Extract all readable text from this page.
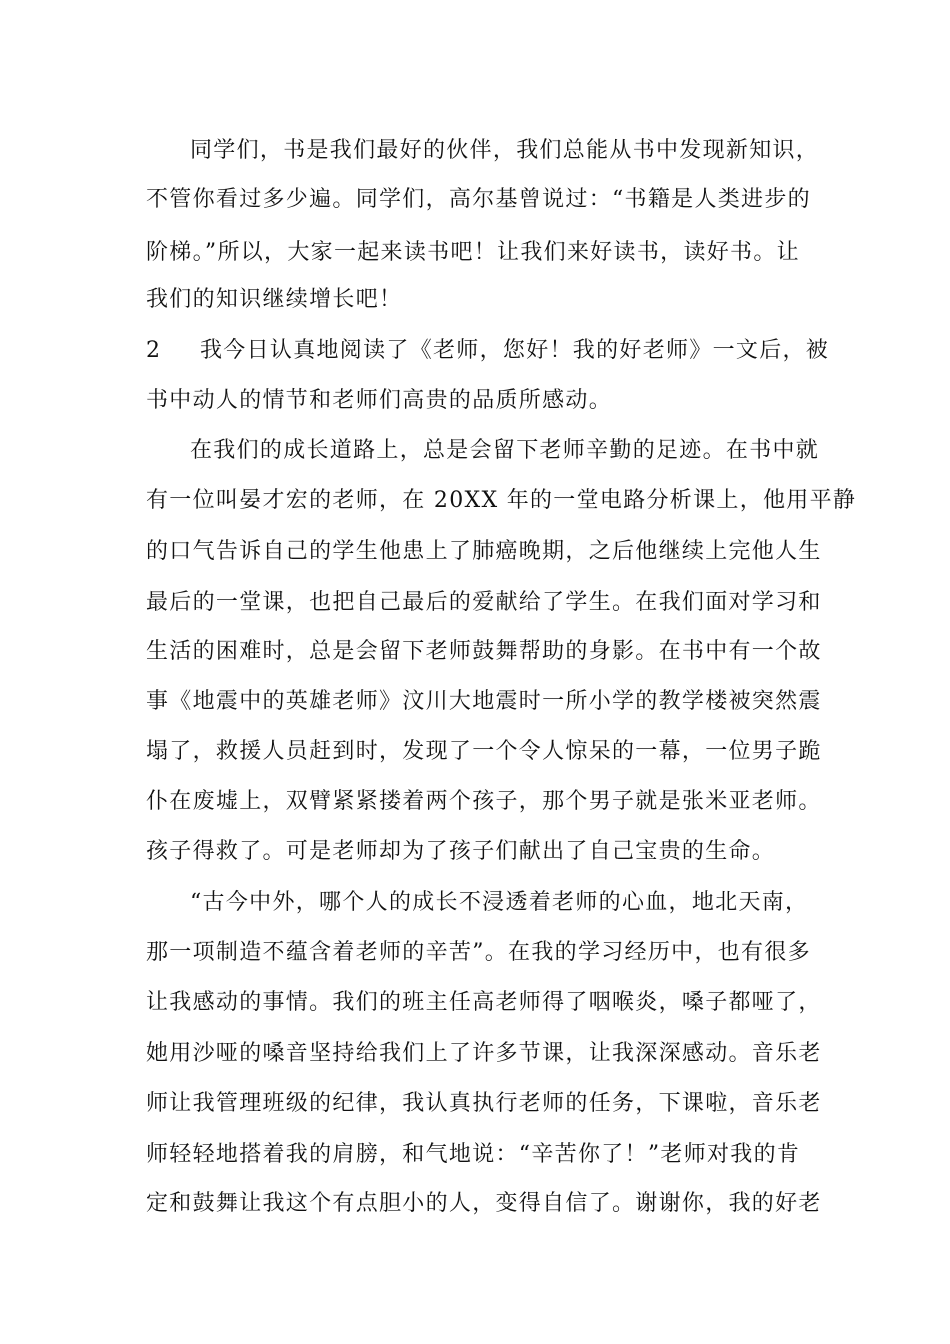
同学们，书是我们最好的伙伴，我们总能从书中发现新知识，
不管你看过多少遍。同学们，高尔基曾说过：“书籍是人类进步的
阶梯。”所以，大家一起来读书吧！让我们来好读书，读好书。让
我们的知识继续增长吧！
2	我今日认真地阅读了《老师，您好！我的好老师》一文后，被
书中动人的情节和老师们高贵的品质所感动。
在我们的成长道路上，总是会留下老师辛勤的足迹。在书中就
有一位叫晏才宏的老师，在 20XX 年的一堂电路分析课上，他用平静
的口气告诉自己的学生他患上了肺癌晚期，之后他继续上完他人生
最后的一堂课，也把自己最后的爱献给了学生。在我们面对学习和
生活的困难时，总是会留下老师鼓舞帮助的身影。在书中有一个故
事《地震中的英雄老师》汶川大地震时一所小学的教学楼被突然震
塌了，救援人员赶到时，发现了一个令人惊呆的一幕，一位男子跪
仆在废墟上，双臂紧紧搂着两个孩子，那个男子就是张米亚老师。
孩子得救了。可是老师却为了孩子们献出了自己宝贵的生命。
“古今中外，哪个人的成长不浸透着老师的心血，地北天南，
那一项制造不蕴含着老师的辛苦”。在我的学习经历中，也有很多
让我感动的事情。我们的班主任高老师得了咽喉炎，嗓子都哑了，
她用沙哑的嗓音坚持给我们上了许多节课，让我深深感动。音乐老
师让我管理班级的纪律，我认真执行老师的任务，下课啦，音乐老
师轻轻地搭着我的肩膀，和气地说：“辛苦你了！”老师对我的肯
定和鼓舞让我这个有点胆小的人，变得自信了。谢谢你，我的好老
